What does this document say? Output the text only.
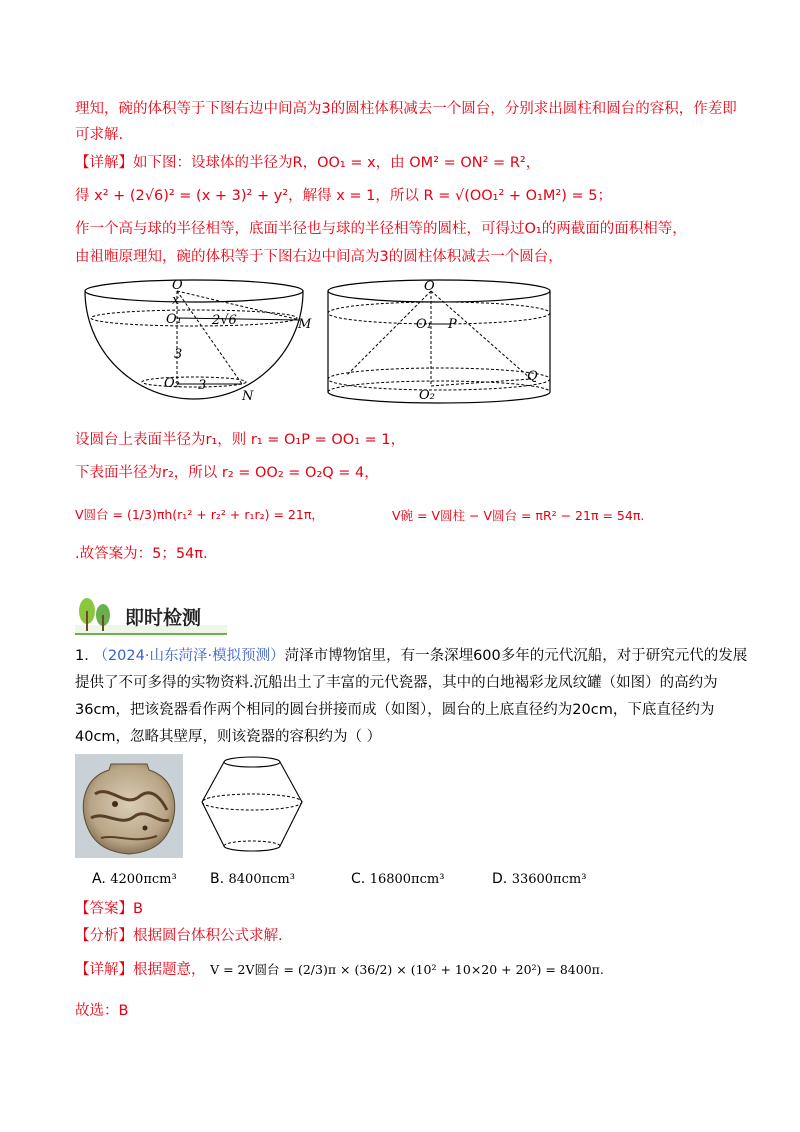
理知，碗的体积等于下图右边中间高为3的圆柱体积减去一个圆台，分别求出圆柱和圆台的容积，作差即
可求解.
【详解】如下图：设球体的半径为R，OO₁ = x，由 OM² = ON² = R²，
得 x² + (2√6)² = (x + 3)² + y²，解得 x = 1，所以 R = √(OO₁² + O₁M²) = 5；
作一个高与球的半径相等，底面半径也与球的半径相等的圆柱，可得过O₁的两截面的面积相等，
由祖暅原理知，碗的体积等于下图右边中间高为3的圆柱体积减去一个圆台，
O
x
O₁ 2√6	M
3
O₂ 3
N
O
O₁ P
Q
O₂
设圆台上表面半径为r₁，则 r₁ = O₁P = OO₁ = 1，
下表面半径为r₂，所以 r₂ = OO₂ = O₂Q = 4，
V圆台 = (1/3)πh(r₁² + r₂² + r₁r₂) = 21π，	V碗 = V圆柱 − V圆台 = πR² − 21π = 54π.
.故答案为：5；54π.
即时检测
1. （2024·山东菏泽·模拟预测）菏泽市博物馆里，有一条深埋600多年的元代沉船，对于研究元代的发展
提供了不可多得的实物资料.沉船出土了丰富的元代瓷器，其中的白地褐彩龙凤纹罐（如图）的高约为
36cm，把该瓷器看作两个相同的圆台拼接而成（如图），圆台的上底直径约为20cm，下底直径约为
40cm，忽略其壁厚，则该瓷器的容积约为（ ）
A. 4200πcm³ B. 8400πcm³	C. 16800πcm³	D. 33600πcm³
【答案】B
【分析】根据圆台体积公式求解.
【详解】根据题意， V = 2V圆台 = (2/3)π × (36/2) × (10² + 10×20 + 20²) = 8400π.
故选：B
